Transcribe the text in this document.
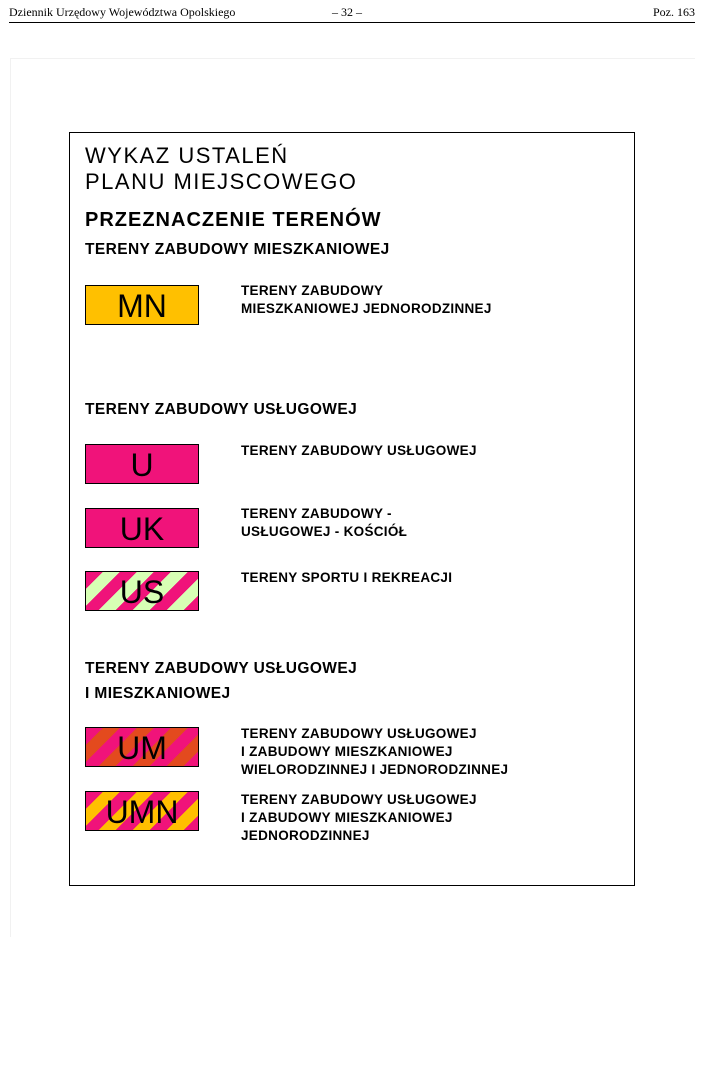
Dziennik Urzędowy Województwa Opolskiego	– 32 –	Poz. 163
WYKAZ USTALEŃ
PLANU MIEJSCOWEGO
PRZEZNACZENIE TERENÓW
TERENY ZABUDOWY MIESZKANIOWEJ
MN	TERENY ZABUDOWY
MIESZKANIOWEJ JEDNORODZINNEJ
TERENY ZABUDOWY USŁUGOWEJ
U	TERENY ZABUDOWY USŁUGOWEJ
UK	TERENY ZABUDOWY -
USŁUGOWEJ - KOŚCIÓŁ
US	TERENY SPORTU I REKREACJI
TERENY ZABUDOWY USŁUGOWEJ
I MIESZKANIOWEJ
UM	TERENY ZABUDOWY USŁUGOWEJ
I ZABUDOWY MIESZKANIOWEJ
WIELORODZINNEJ I JEDNORODZINNEJ
UMN	TERENY ZABUDOWY USŁUGOWEJ
I ZABUDOWY MIESZKANIOWEJ
JEDNORODZINNEJ
